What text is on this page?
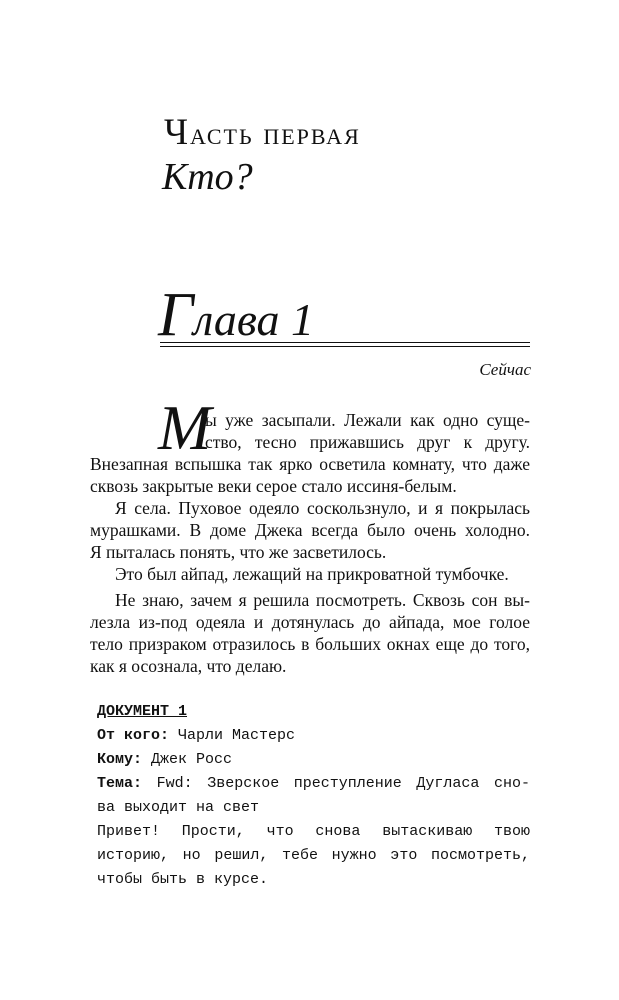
Часть первая
Кто?
Глава 1
Сейчас
М
ы уже засыпали. Лежали как одно суще-
ство, тесно прижавшись друг к другу.
Внезапная вспышка так ярко осветила комнату, что даже
сквозь закрытые веки серое стало иссиня-белым.
Я села. Пуховое одеяло соскользнуло, и я покрылась
мурашками. В доме Джека всегда было очень холодно.
Я пыталась понять, что же засветилось.
Это был айпад, лежащий на прикроватной тумбочке.
Не знаю, зачем я решила посмотреть. Сквозь сон вы-
лезла из-под одеяла и дотянулась до айпада, мое голое
тело призраком отразилось в больших окнах еще до того,
как я осознала, что делаю.
ДОКУМЕНТ 1
От кого: Чарли Мастерс
Кому: Джек Росс
Тема: Fwd: Зверское преступление Дугласа сно-
ва выходит на свет
Привет! Прости, что снова вытаскиваю твою
историю, но решил, тебе нужно это посмотреть,
чтобы быть в курсе.
